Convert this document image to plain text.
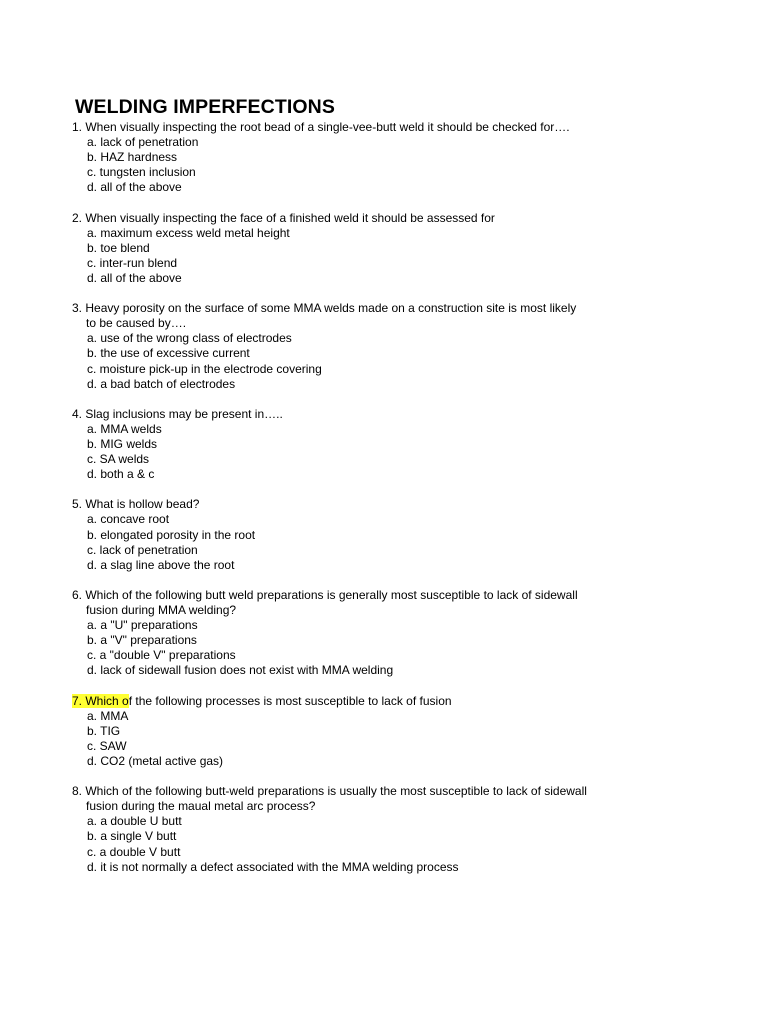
WELDING IMPERFECTIONS
1. When visually inspecting the root bead of a single-vee-butt weld it should be checked for….
a. lack of penetration
b. HAZ hardness
c. tungsten inclusion
d. all of the above
2. When visually inspecting the face of a finished weld it should be assessed for
a. maximum excess weld metal height
b. toe blend
c. inter-run blend
d. all of the above
3. Heavy porosity on the surface of some MMA welds made on a construction site is most likely
to be caused by….
a. use of the wrong class of electrodes
b. the use of excessive current
c. moisture pick-up in the electrode covering
d. a bad batch of electrodes
4. Slag inclusions may be present in…..
a. MMA welds
b. MIG welds
c. SA welds
d. both a & c
5. What is hollow bead?
a. concave root
b. elongated porosity in the root
c. lack of penetration
d. a slag line above the root
6. Which of the following butt weld preparations is generally most susceptible to lack of sidewall
fusion during MMA welding?
a. a "U" preparations
b. a "V" preparations
c. a "double V" preparations
d. lack of sidewall fusion does not exist with MMA welding
7. Which of the following processes is most susceptible to lack of fusion
a. MMA
b. TIG
c. SAW
d. CO2 (metal active gas)
8. Which of the following butt-weld preparations is usually the most susceptible to lack of sidewall
fusion during the maual metal arc process?
a. a double U butt
b. a single V butt
c. a double V butt
d. it is not normally a defect associated with the MMA welding process
